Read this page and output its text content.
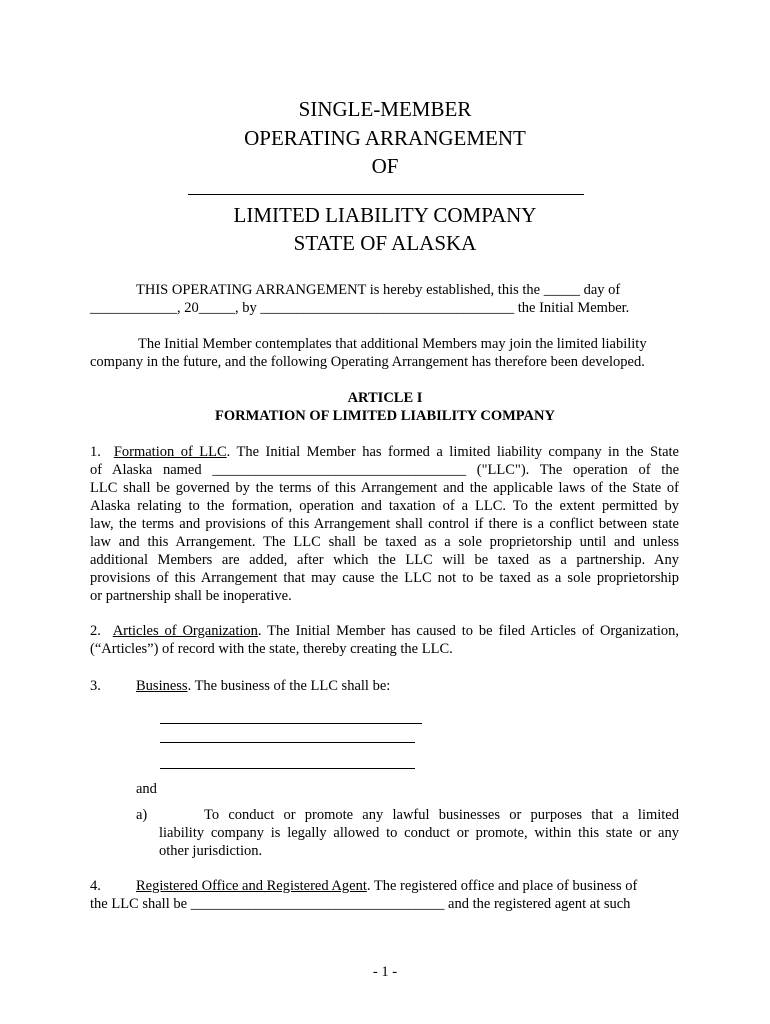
SINGLE-MEMBER
OPERATING ARRANGEMENT
OF
LIMITED LIABILITY COMPANY
STATE OF ALASKA
THIS OPERATING ARRANGEMENT is hereby established, this the _____ day of
____________, 20_____, by ___________________________________ the Initial Member.
The Initial Member contemplates that additional Members may join the limited liability
company in the future, and the following Operating Arrangement has therefore been developed.
ARTICLE I
FORMATION OF LIMITED LIABILITY COMPANY
1. Formation of LLC. The Initial Member has formed a limited liability company in the State
of Alaska named ___________________________________ ("LLC"). The operation of the
LLC shall be governed by the terms of this Arrangement and the applicable laws of the State of
Alaska relating to the formation, operation and taxation of a LLC. To the extent permitted by
law, the terms and provisions of this Arrangement shall control if there is a conflict between state
law and this Arrangement. The LLC shall be taxed as a sole proprietorship until and unless
additional Members are added, after which the LLC will be taxed as a partnership. Any
provisions of this Arrangement that may cause the LLC not to be taxed as a sole proprietorship
or partnership shall be inoperative.
2. Articles of Organization. The Initial Member has caused to be filed Articles of Organization,
(“Articles”) of record with the state, thereby creating the LLC.
3. Business. The business of the LLC shall be:
and
a)	To conduct or promote any lawful businesses or purposes that a limited
liability company is legally allowed to conduct or promote, within this state or any
other jurisdiction.
4. Registered Office and Registered Agent. The registered office and place of business of
the LLC shall be ___________________________________ and the registered agent at such
- 1 -
